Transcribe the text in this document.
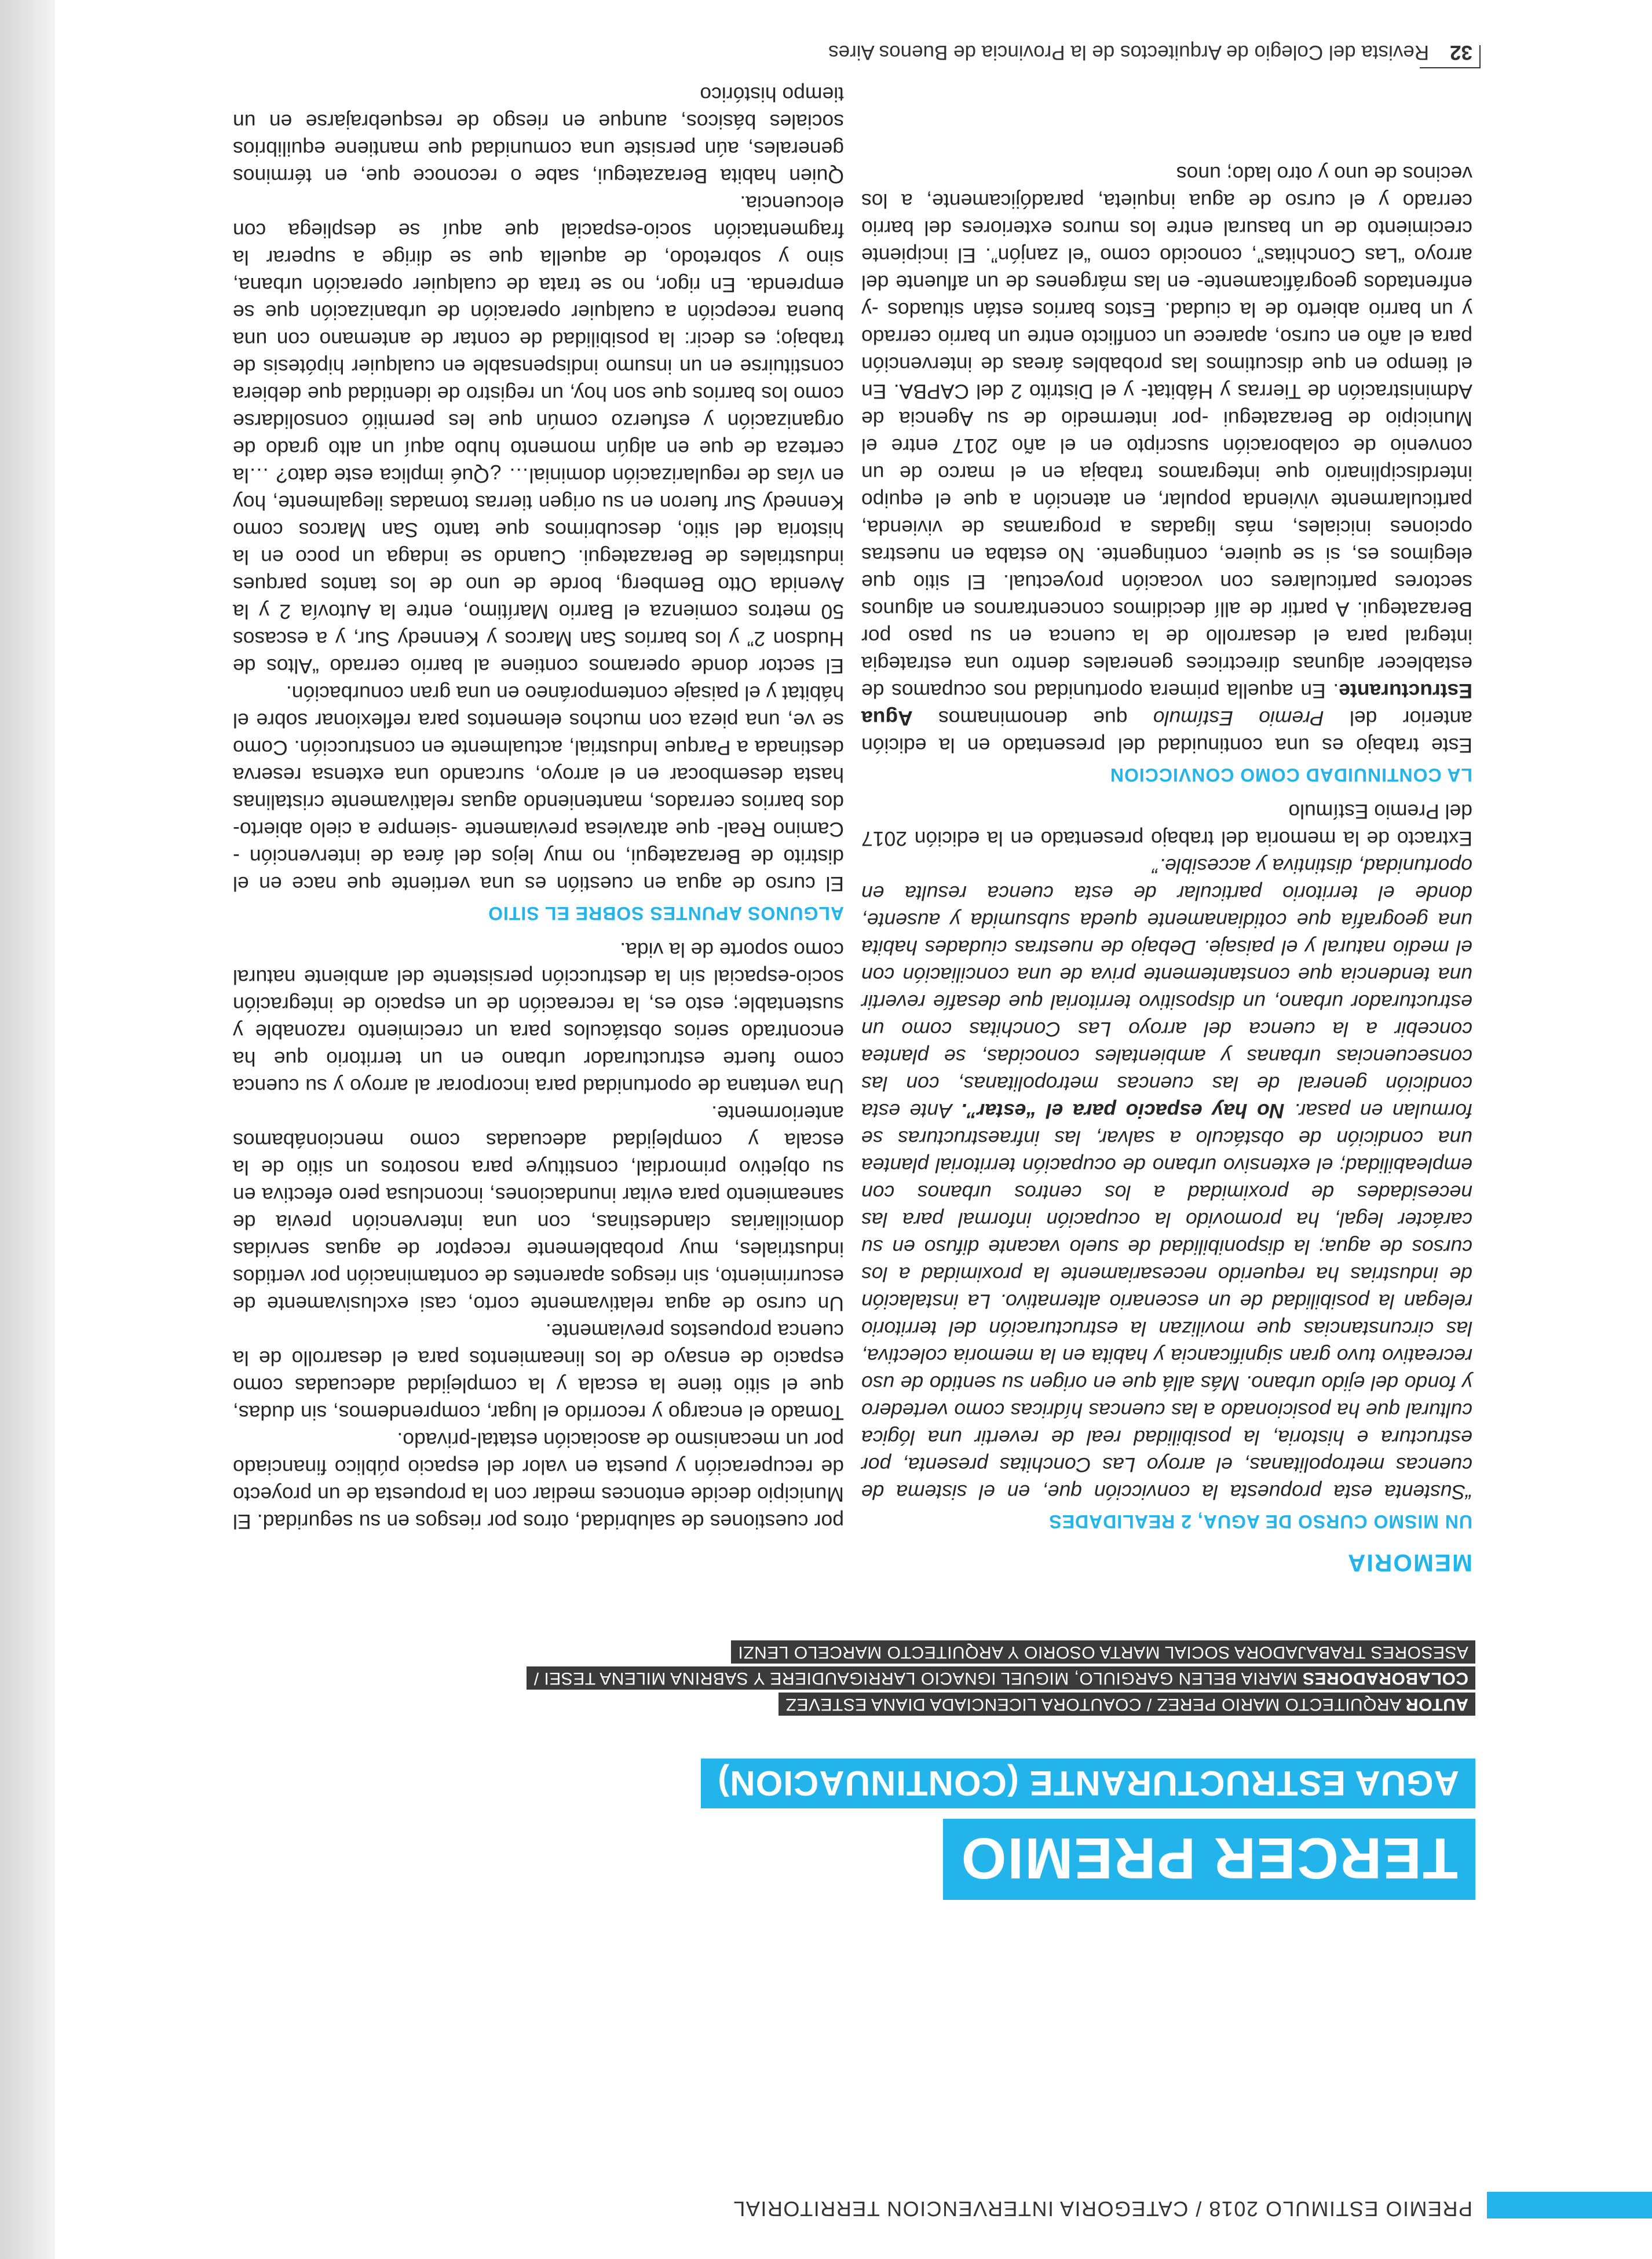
PREMIO ESTIMULO 2018 / CATEGORIA INTERVENCION TERRITORIAL
TERCER PREMIO
AGUA ESTRUCTURANTE (CONTINUACION)
AUTOR ARQUITECTO MARIO PEREZ / COAUTORA LICENCIADA DIANA ESTEVEZ
COLABORADORES MARIA BELEN GARGIULO, MIGUEL IGNACIO LARRIGAUDIERE Y SABRINA MILENA TESEI /
ASESORES TRABAJADORA SOCIAL MARTA OSORIO Y ARQUITECTO MARCELO LENZI
MEMORIA

UN MISMO CURSO DE AGUA, 2 REALIDADES

“Sustenta esta propuesta la convicción que, en el sistema de cuencas metropolitanas, el arroyo Las Conchitas presenta, por estructura e historia, la posibilidad real de revertir una lógica cultural que ha posicionado a las cuencas hídricas como vertedero y fondo del ejido urbano. Más allá que en origen su sentido de uso recreativo tuvo gran significancia y habita en la memoria colectiva, las circunstancias que movilizan la estructuración del territorio relegan la posibilidad de un escenario alternativo. La instalación de industrias ha requerido necesariamente la proximidad a los cursos de agua; la disponibilidad de suelo vacante difuso en su carácter legal, ha promovido la ocupación informal para las necesidades de proximidad a los centros urbanos con empleabilidad; el extensivo urbano de ocupación territorial plantea una condición de obstáculo a salvar, las infraestructuras se formulan en pasar. No hay espacio para el “estar”. Ante esta condición general de las cuencas metropolitanas, con las consecuencias urbanas y ambientales conocidas, se plantea concebir a la cuenca del arroyo Las Conchitas como un estructurador urbano, un dispositivo territorial que desafíe revertir una tendencia que constantemente priva de una conciliación con el medio natural y el paisaje. Debajo de nuestras ciudades habita una geografía que cotidianamente queda subsumida y ausente, donde el territorio particular de esta cuenca resulta en oportunidad, distintiva y accesible.”

Extracto de la memoria del trabajo presentado en la edición 2017 del Premio Estímulo

LA CONTINUIDAD COMO CONVICCION

Este trabajo es una continuidad del presentado en la edición anterior del Premio Estímulo que denominamos Agua Estructurante. En aquella primera oportunidad nos ocupamos de establecer algunas directrices generales dentro una estrategia integral para el desarrollo de la cuenca en su paso por Berazategui. A partir de allí decidimos concentrarnos en algunos sectores particulares con vocación proyectual. El sitio que elegimos es, si se quiere, contingente. No estaba en nuestras opciones iniciales, más ligadas a programas de vivienda, particularmente vivienda popular, en atención a que el equipo interdisciplinario que integramos trabaja en el marco de un convenio de colaboración suscripto en el año 2017 entre el Municipio de Berazategui -por intermedio de su Agencia de Administración de Tierras y Hábitat- y el Distrito 2 del CAPBA. En el tiempo en que discutimos las probables áreas de intervención para el año en curso, aparece un conflicto entre un barrio cerrado y un barrio abierto de la ciudad. Estos barrios están situados -y enfrentados geográficamente- en las márgenes de un afluente del arroyo “Las Conchitas”, conocido como “el zanjón”. El incipiente crecimiento de un basural entre los muros exteriores del barrio cerrado y el curso de agua inquieta, paradójicamente, a los vecinos de uno y otro lado; unos

por cuestiones de salubridad, otros por riesgos en su seguridad. El Municipio decide entonces mediar con la propuesta de un proyecto de recuperación y puesta en valor del espacio público financiado por un mecanismo de asociación estatal-privado.

Tomado el encargo y recorrido el lugar, comprendemos, sin dudas, que el sitio tiene la escala y la complejidad adecuadas como espacio de ensayo de los lineamientos para el desarrollo de la cuenca propuestos previamente.

Un curso de agua relativamente corto, casi exclusivamente de escurrimiento, sin riesgos aparentes de contaminación por vertidos industriales, muy probablemente receptor de aguas servidas domiciliarias clandestinas, con una intervención previa de saneamiento para evitar inundaciones, inconclusa pero efectiva en su objetivo primordial, constituye para nosotros un sitio de la escala y complejidad adecuadas como mencionábamos anteriormente.

Una ventana de oportunidad para incorporar al arroyo y su cuenca como fuerte estructurador urbano en un territorio que ha encontrado serios obstáculos para un crecimiento razonable y sustentable; esto es, la recreación de un espacio de integración socio-espacial sin la destrucción persistente del ambiente natural como soporte de la vida.

ALGUNOS APUNTES SOBRE EL SITIO

El curso de agua en cuestión es una vertiente que nace en el distrito de Berazategui, no muy lejos del área de intervención -Camino Real- que atraviesa previamente -siempre a cielo abierto- dos barrios cerrados, manteniendo aguas relativamente cristalinas hasta desembocar en el arroyo, surcando una extensa reserva destinada a Parque Industrial, actualmente en construcción. Como se ve, una pieza con muchos elementos para reflexionar sobre el hábitat y el paisaje contemporáneo en una gran conurbación.

El sector donde operamos contiene al barrio cerrado “Altos de Hudson 2” y los barrios San Marcos y Kennedy Sur, y a escasos 50 metros comienza el Barrio Marítimo, entre la Autovía 2 y la Avenida Otto Bemberg, borde de uno de los tantos parques industriales de Berazategui. Cuando se indaga un poco en la historia del sitio, descubrimos que tanto San Marcos como Kennedy Sur fueron en su origen tierras tomadas ilegalmente, hoy en vías de regularización dominial… ¿Qué implica este dato? …la certeza de que en algún momento hubo aquí un alto grado de organización y esfuerzo común que les permitió consolidarse como los barrios que son hoy, un registro de identidad que debiera constituirse en un insumo indispensable en cualquier hipótesis de trabajo; es decir: la posibilidad de contar de antemano con una buena recepción a cualquier operación de urbanización que se emprenda. En rigor, no se trata de cualquier operación urbana, sino y sobretodo, de aquella que se dirige a superar la fragmentación socio-espacial que aquí se despliega con elocuencia.

Quien habita Berazategui, sabe o reconoce que, en términos generales, aún persiste una comunidad que mantiene equilibrios sociales básicos, aunque en riesgo de resquebrajarse en un tiempo histórico

32Revista del Colegio de Arquitectos de la Provincia de Buenos Aires
